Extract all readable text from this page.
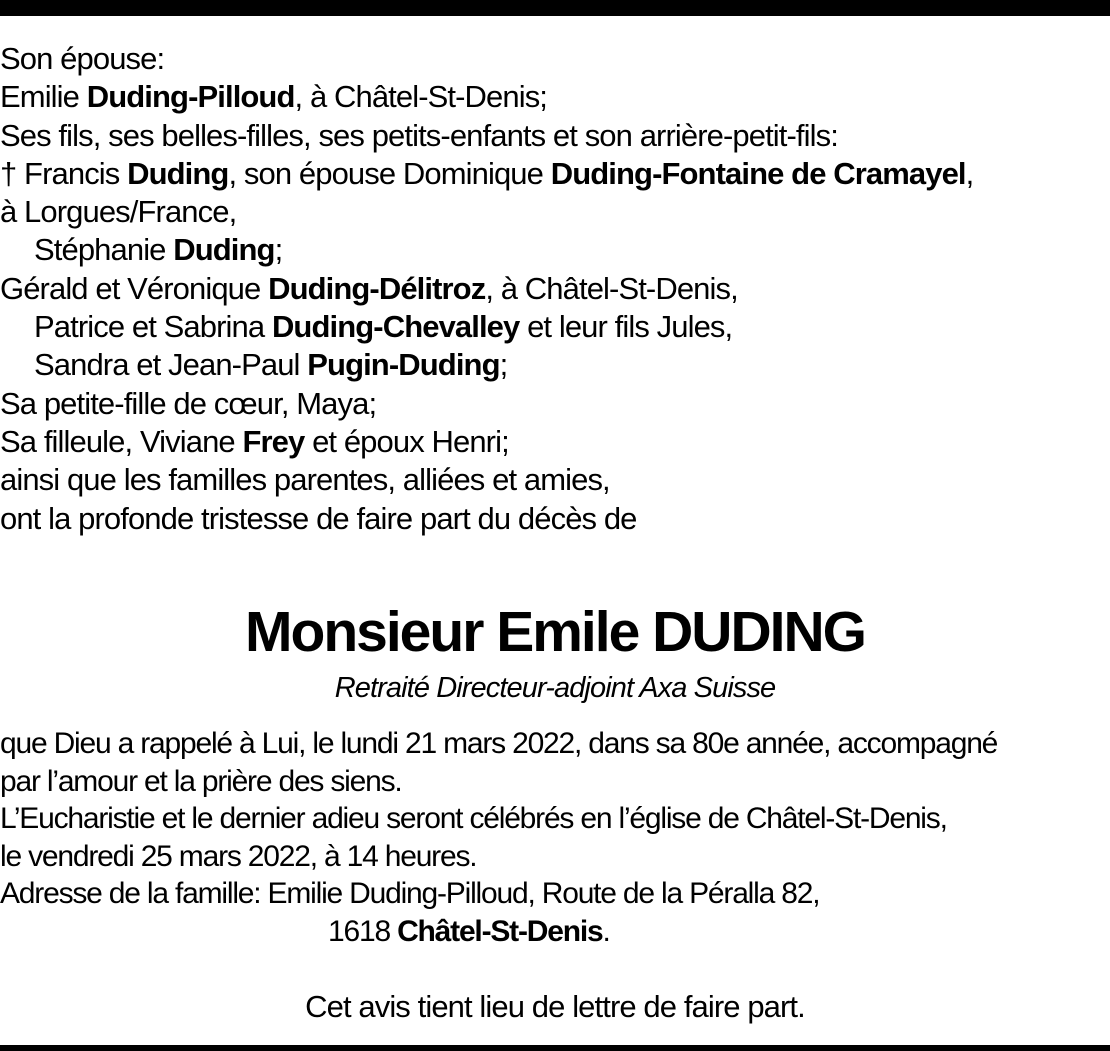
Son épouse:
Emilie Duding-Pilloud, à Châtel-St-Denis;
Ses fils, ses belles-filles, ses petits-enfants et son arrière-petit-fils:
† Francis Duding, son épouse Dominique Duding-Fontaine de Cramayel,
à Lorgues/France,
Stéphanie Duding;
Gérald et Véronique Duding-Délitroz, à Châtel-St-Denis,
Patrice et Sabrina Duding-Chevalley et leur fils Jules,
Sandra et Jean-Paul Pugin-Duding;
Sa petite-fille de cœur, Maya;
Sa filleule, Viviane Frey et époux Henri;
ainsi que les familles parentes, alliées et amies,
ont la profonde tristesse de faire part du décès de
Monsieur Emile DUDING
Retraité Directeur-adjoint Axa Suisse
que Dieu a rappelé à Lui, le lundi 21 mars 2022, dans sa 80e année, accompagné
par l’amour et la prière des siens.
L’Eucharistie et le dernier adieu seront célébrés en l’église de Châtel-St-Denis,
le vendredi 25 mars 2022, à 14 heures.
Adresse de la famille: Emilie Duding-Pilloud, Route de la Péralla 82,
1618 Châtel-St-Denis.
Cet avis tient lieu de lettre de faire part.
